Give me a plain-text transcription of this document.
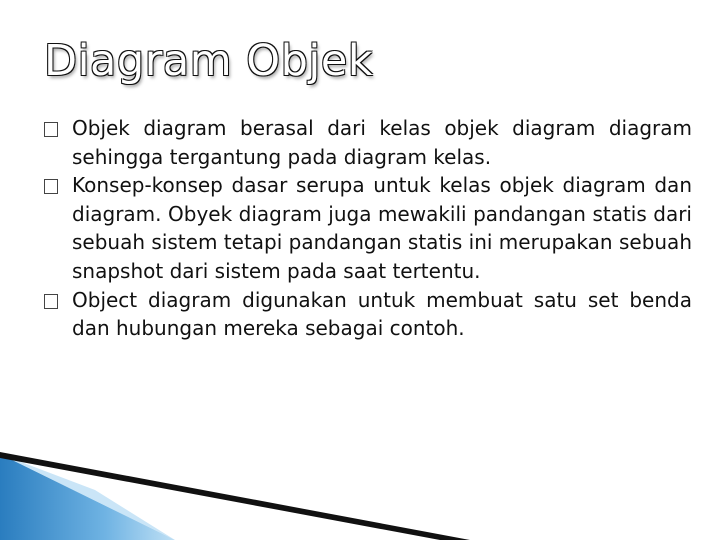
Diagram Objek
Objek diagram berasal dari kelas objek diagram diagram sehingga tergantung pada diagram kelas.
Konsep-konsep dasar serupa untuk kelas objek diagram dan diagram. Obyek diagram juga mewakili pandangan statis dari sebuah sistem tetapi pandangan statis ini merupakan sebuah snapshot dari sistem pada saat tertentu.
Object diagram digunakan untuk membuat satu set benda dan hubungan mereka sebagai contoh.
